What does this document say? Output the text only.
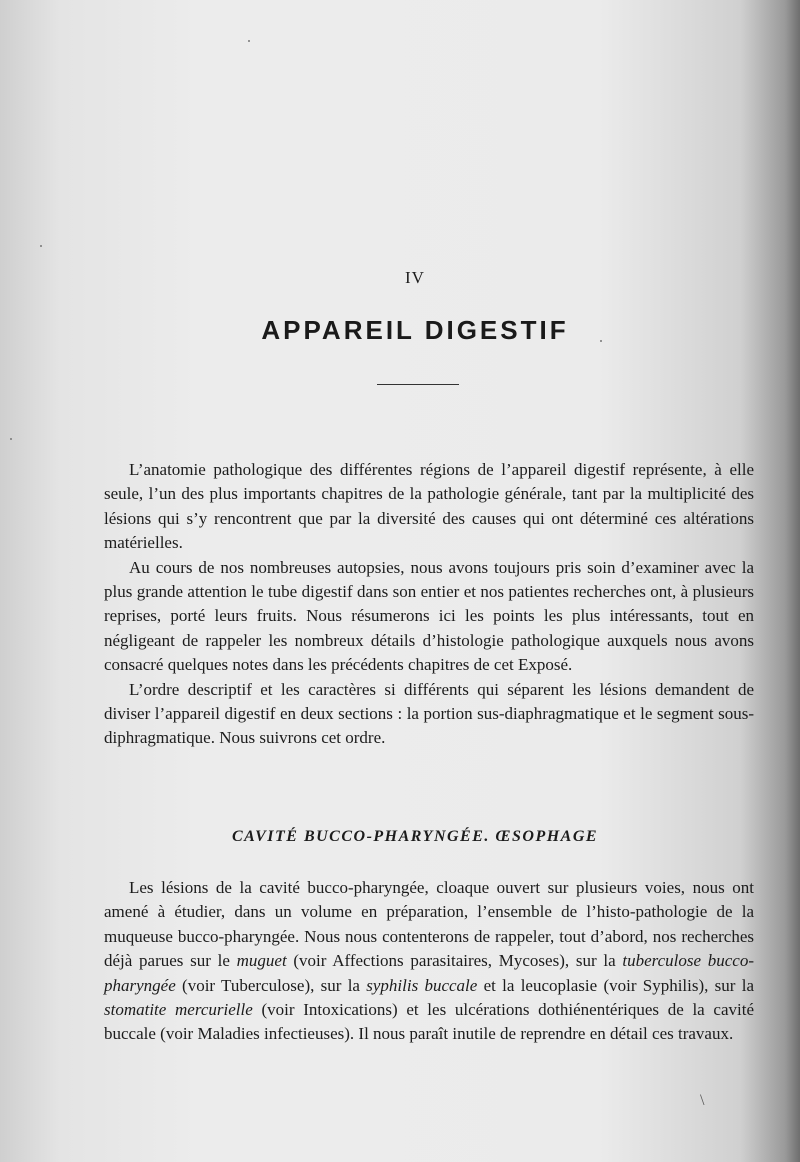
IV
APPAREIL DIGESTIF

L’anatomie pathologique des différentes régions de l’appareil digestif représente, à elle seule, l’un des plus importants chapitres de la pathologie générale, tant par la multiplicité des lésions qui s’y rencontrent que par la diversité des causes qui ont déterminé ces altérations matérielles.

Au cours de nos nombreuses autopsies, nous avons toujours pris soin d’examiner avec la plus grande attention le tube digestif dans son entier et nos patientes recherches ont, à plusieurs reprises, porté leurs fruits. Nous résumerons ici les points les plus intéressants, tout en négligeant de rappeler les nombreux détails d’histologie pathologique auxquels nous avons consacré quelques notes dans les précédents chapitres de cet Exposé.

L’ordre descriptif et les caractères si différents qui séparent les lésions demandent de diviser l’appareil digestif en deux sections : la portion sus-diaphragmatique et le segment sous-diphragmatique. Nous suivrons cet ordre.

CAVITÉ BUCCO-PHARYNGÉE. ŒSOPHAGE

Les lésions de la cavité bucco-pharyngée, cloaque ouvert sur plusieurs voies, nous ont amené à étudier, dans un volume en préparation, l’ensemble de l’histo-pathologie de la muqueuse bucco-pharyngée. Nous nous contenterons de rappeler, tout d’abord, nos recherches déjà parues sur le muguet (voir Affections parasitaires, Mycoses), sur la tuberculose bucco-pharyngée (voir Tuberculose), sur la syphilis buccale et la leucoplasie (voir Syphilis), sur la stomatite mercurielle (voir Intoxications) et les ulcérations dothiénentériques de la cavité buccale (voir Maladies infectieuses). Il nous paraît inutile de reprendre en détail ces travaux.

\
